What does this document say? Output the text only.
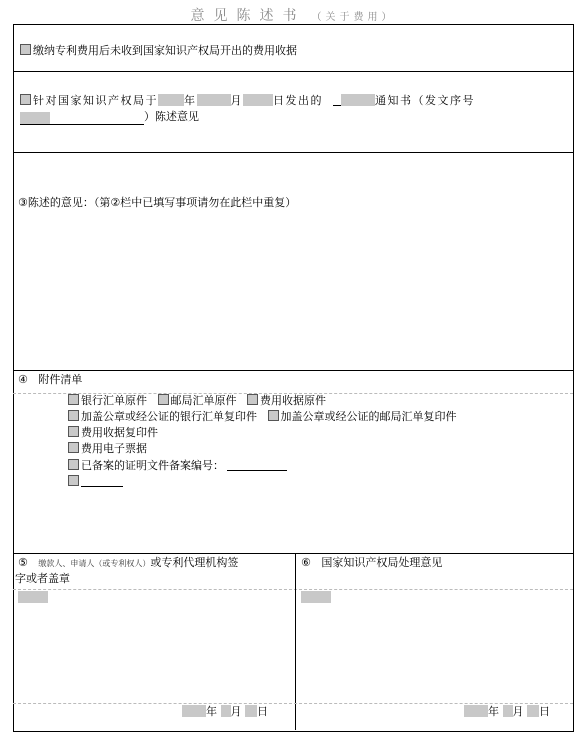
意见陈述书 （关于费用）
缴纳专利费用后未收到国家知识产权局开出的费用收据
针对国家知识产权局于 年	月	日发出的	通知书（发文序号
）陈述意见
③陈述的意见：（第②栏中已填写事项请勿在此栏中重复）
④ 附件清单
银行汇单原件 邮局汇单原件 费用收据原件
加盖公章或经公证的银行汇单复印件 加盖公章或经公证的邮局汇单复印件
费用收据复印件
费用电子票据
已备案的证明文件备案编号：
⑤ 缴款人、申请人（或专利权人）或专利代理机构签
字或者盖章
年 月 日
⑥ 国家知识产权局处理意见
年 月 日
